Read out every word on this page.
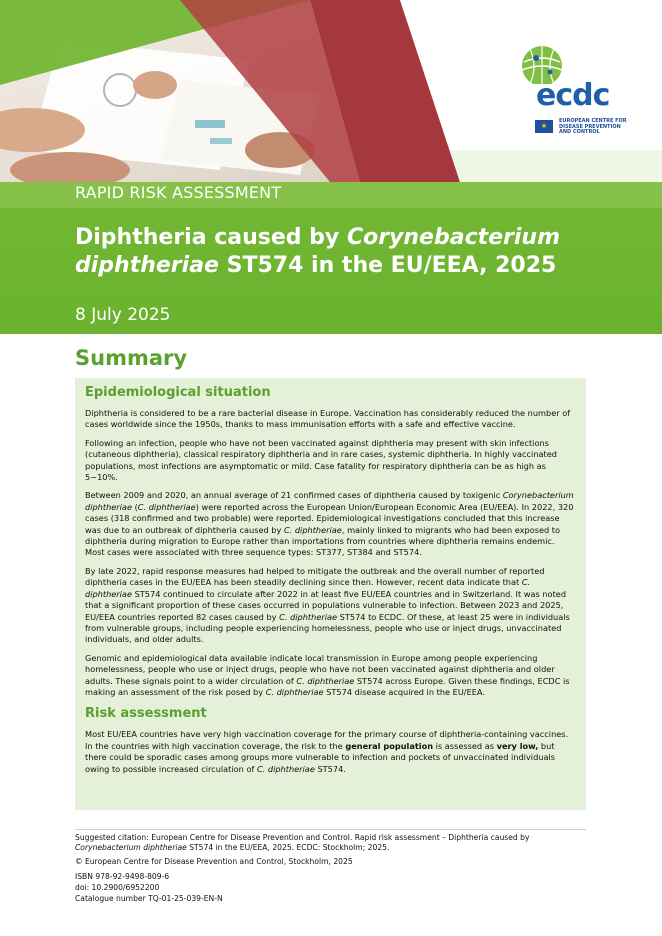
ecdc
★
EUROPEAN CENTRE FOR
DISEASE PREVENTION
AND CONTROL
RAPID RISK ASSESSMENT
Diphtheria caused by Corynebacterium
diphtheriae ST574 in the EU/EEA, 2025
8 July 2025
Summary
Epidemiological situation

Diphtheria is considered to be a rare bacterial disease in Europe. Vaccination has considerably reduced the number of cases worldwide since the 1950s, thanks to mass immunisation efforts with a safe and effective vaccine.

Following an infection, people who have not been vaccinated against diphtheria may present with skin infections (cutaneous diphtheria), classical respiratory diphtheria and in rare cases, systemic diphtheria. In highly vaccinated populations, most infections are asymptomatic or mild. Case fatality for respiratory diphtheria can be as high as 5−10%.

Between 2009 and 2020, an annual average of 21 confirmed cases of diphtheria caused by toxigenic Corynebacterium diphtheriae (C. diphtheriae) were reported across the European Union/European Economic Area (EU/EEA). In 2022, 320 cases (318 confirmed and two probable) were reported. Epidemiological investigations concluded that this increase was due to an outbreak of diphtheria caused by C. diphtheriae, mainly linked to migrants who had been exposed to diphtheria during migration to Europe rather than importations from countries where diphtheria remains endemic. Most cases were associated with three sequence types: ST377, ST384 and ST574.

By late 2022, rapid response measures had helped to mitigate the outbreak and the overall number of reported diphtheria cases in the EU/EEA has been steadily declining since then. However, recent data indicate that C. diphtheriae ST574 continued to circulate after 2022 in at least five EU/EEA countries and in Switzerland. It was noted that a significant proportion of these cases occurred in populations vulnerable to infection. Between 2023 and 2025, EU/EEA countries reported 82 cases caused by C. diphtheriae ST574 to ECDC. Of these, at least 25 were in individuals from vulnerable groups, including people experiencing homelessness, people who use or inject drugs, unvaccinated individuals, and older adults.

Genomic and epidemiological data available indicate local transmission in Europe among people experiencing homelessness, people who use or inject drugs, people who have not been vaccinated against diphtheria and older adults. These signals point to a wider circulation of C. diphtheriae ST574 across Europe. Given these findings, ECDC is making an assessment of the risk posed by C. diphtheriae ST574 disease acquired in the EU/EEA.

Risk assessment

Most EU/EEA countries have very high vaccination coverage for the primary course of diphtheria-containing vaccines. In the countries with high vaccination coverage, the risk to the general population is assessed as very low, but there could be sporadic cases among groups more vulnerable to infection and pockets of unvaccinated individuals owing to possible increased circulation of C. diphtheriae ST574.

Suggested citation: European Centre for Disease Prevention and Control. Rapid risk assessment – Diphtheria caused by Corynebacterium diphtheriae ST574 in the EU/EEA, 2025. ECDC: Stockholm; 2025.
© European Centre for Disease Prevention and Control, Stockholm, 2025
ISBN 978-92-9498-809-6
doi: 10.2900/6952200
Catalogue number TQ-01-25-039-EN-N
